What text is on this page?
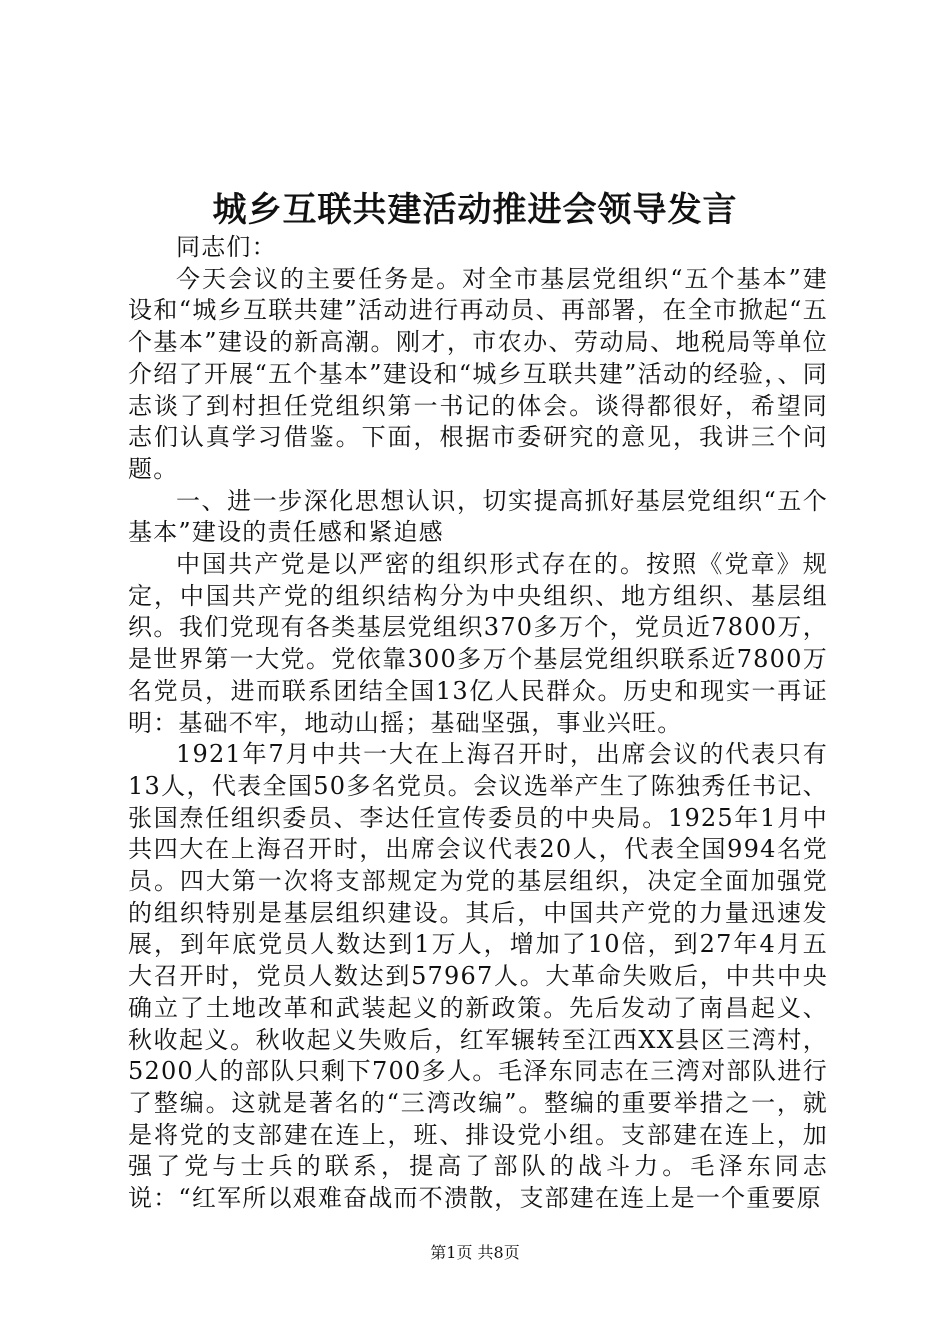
城乡互联共建活动推进会领导发言

同志们：

今天会议的主要任务是。对全市基层党组织“五个基本”建设和“城乡互联共建”活动进行再动员、再部署，在全市掀起“五个基本”建设的新高潮。刚才，市农办、劳动局、地税局等单位介绍了开展“五个基本”建设和“城乡互联共建”活动的经验，、同志谈了到村担任党组织第一书记的体会。谈得都很好，希望同志们认真学习借鉴。下面，根据市委研究的意见，我讲三个问题。

一、进一步深化思想认识，切实提高抓好基层党组织“五个基本”建设的责任感和紧迫感

中国共产党是以严密的组织形式存在的。按照《党章》规定，中国共产党的组织结构分为中央组织、地方组织、基层组织。我们党现有各类基层党组织370多万个，党员近7800万，是世界第一大党。党依靠300多万个基层党组织联系近7800万名党员，进而联系团结全国13亿人民群众。历史和现实一再证明：基础不牢，地动山摇；基础坚强，事业兴旺。

1921年7月中共一大在上海召开时，出席会议的代表只有13人，代表全国50多名党员。会议选举产生了陈独秀任书记、张国焘任组织委员、李达任宣传委员的中央局。1925年1月中共四大在上海召开时，出席会议代表20人，代表全国994名党员。四大第一次将支部规定为党的基层组织，决定全面加强党的组织特别是基层组织建设。其后，中国共产党的力量迅速发展，到年底党员人数达到1万人，增加了10倍，到27年4月五大召开时，党员人数达到57967人。大革命失败后，中共中央确立了土地改革和武装起义的新政策。先后发动了南昌起义、秋收起义。秋收起义失败后，红军辗转至江西XX县区三湾村，5200人的部队只剩下700多人。毛泽东同志在三湾对部队进行了整编。这就是著名的“三湾改编”。整编的重要举措之一，就是将党的支部建在连上，班、排设党小组。支部建在连上，加强了党与士兵的联系，提高了部队的战斗力。毛泽东同志说：“红军所以艰难奋战而不溃散，支部建在连上是一个重要原

第1页 共8页
